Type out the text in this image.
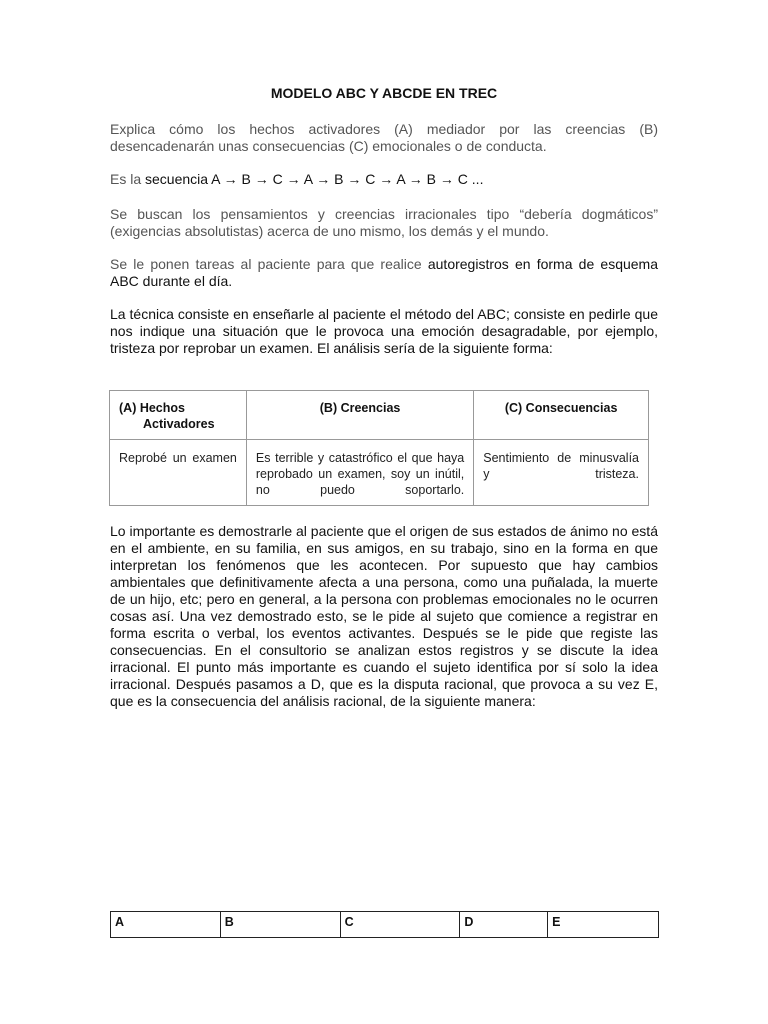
MODELO ABC Y ABCDE EN TREC

Explica cómo los hechos activadores (A) mediador por las creencias (B) desencadenarán unas consecuencias (C) emocionales o de conducta.

Es la secuencia A → B → C → A → B → C → A → B → C ...

Se buscan los pensamientos y creencias irracionales tipo “debería dogmáticos” (exigencias absolutistas) acerca de uno mismo, los demás y el mundo.

Se le ponen tareas al paciente para que realice autoregistros en forma de esquema ABC durante el día.

La técnica consiste en enseñarle al paciente el método del ABC; consiste en pedirle que nos indique una situación que le provoca una emoción desagradable, por ejemplo, tristeza por reprobar un examen. El análisis sería de la siguiente forma:

(A) Hechos
Activadores	(B) Creencias	(C) Consecuencias
Reprobé un examen	Es terrible y catastrófico el que haya reprobado un examen, soy un inútil, no puedo soportarlo.	Sentimiento de minusvalía y tristeza.

Lo importante es demostrarle al paciente que el origen de sus estados de ánimo no está en el ambiente, en su familia, en sus amigos, en su trabajo, sino en la forma en que interpretan los fenómenos que les acontecen. Por supuesto que hay cambios ambientales que definitivamente afecta a una persona, como una puñalada, la muerte de un hijo, etc; pero en general, a la persona con problemas emocionales no le ocurren cosas así. Una vez demostrado esto, se le pide al sujeto que comience a registrar en forma escrita o verbal, los eventos activantes. Después se le pide que registe las consecuencias. En el consultorio se analizan estos registros y se discute la idea irracional. El punto más importante es cuando el sujeto identifica por sí solo la idea irracional. Después pasamos a D, que es la disputa racional, que provoca a su vez E, que es la consecuencia del análisis racional, de la siguiente manera:

A	B	C	D	E
